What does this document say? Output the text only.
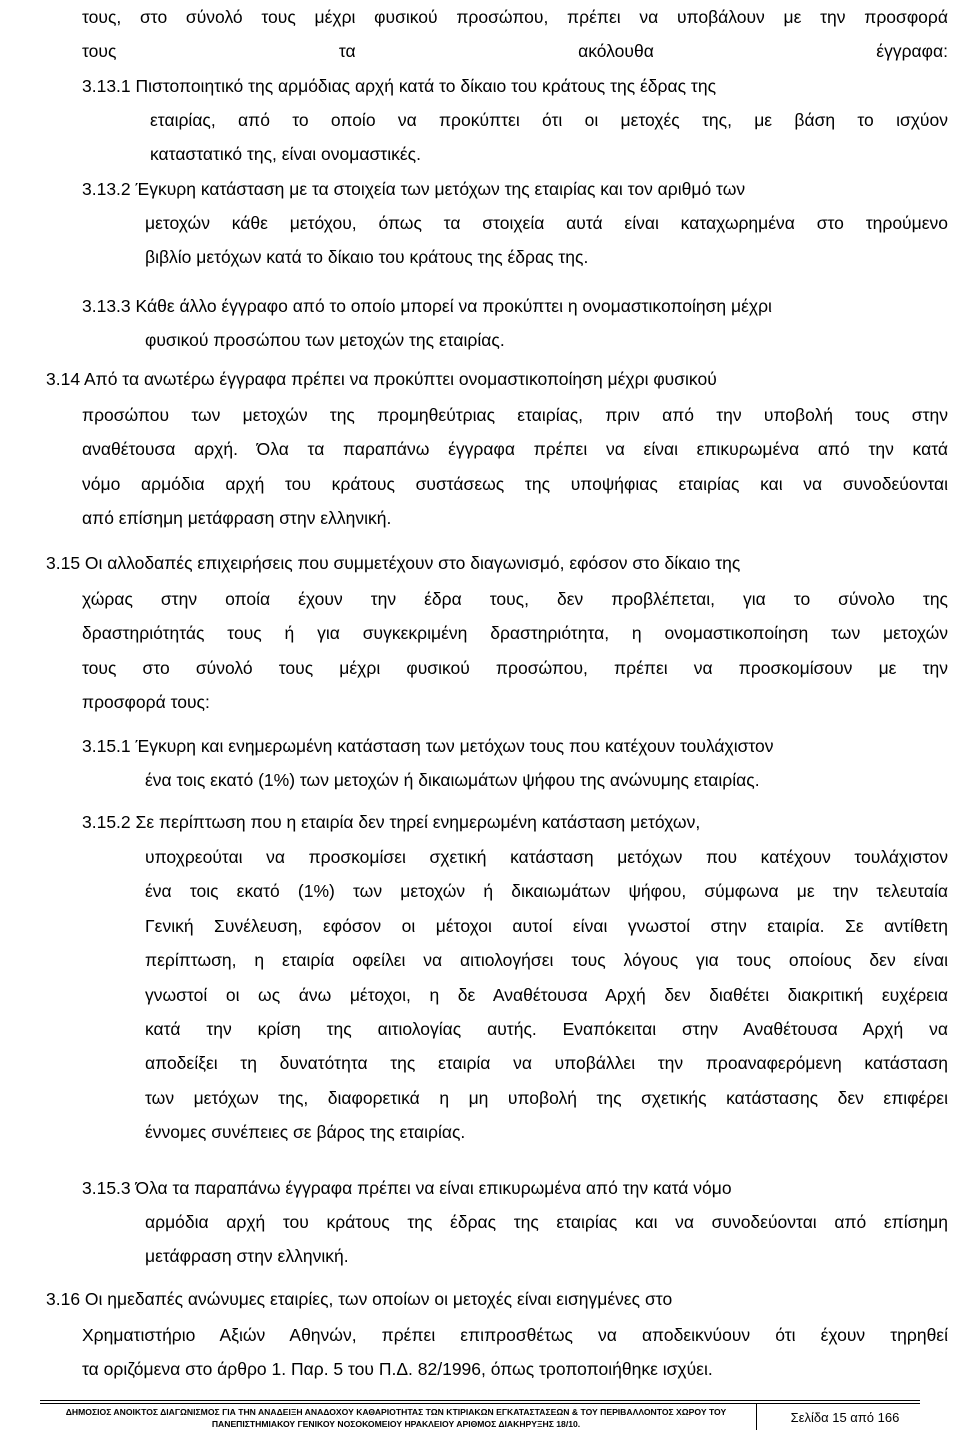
τους, στο σύνολό τους μέχρι φυσικού προσώπου, πρέπει να υποβάλουν με την προσφορά
τους τα ακόλουθα έγγραφα:
3.13.1 Πιστοποιητικό της αρμόδιας αρχή κατά το δίκαιο του κράτους της έδρας της
εταιρίας, από το οποίο να προκύπτει ότι οι μετοχές της, με βάση το ισχύον
καταστατικό της, είναι ονομαστικές.
3.13.2 Έγκυρη κατάσταση με τα στοιχεία των μετόχων της εταιρίας και τον αριθμό των
μετοχών κάθε μετόχου, όπως τα στοιχεία αυτά είναι καταχωρημένα στο τηρούμενο
βιβλίο μετόχων κατά το δίκαιο του κράτους της έδρας της.
3.13.3 Κάθε άλλο έγγραφο από το οποίο μπορεί να προκύπτει η ονομαστικοποίηση μέχρι
φυσικού προσώπου των μετοχών της εταιρίας.
3.14 Από τα ανωτέρω έγγραφα πρέπει να προκύπτει ονομαστικοποίηση μέχρι φυσικού
προσώπου των μετοχών της προμηθεύτριας εταιρίας, πριν από την υποβολή τους στην
αναθέτουσα αρχή. Όλα τα παραπάνω έγγραφα πρέπει να είναι επικυρωμένα από την κατά
νόμο αρμόδια αρχή του κράτους συστάσεως της υποψήφιας εταιρίας και να συνοδεύονται
από επίσημη μετάφραση στην ελληνική.
3.15 Οι αλλοδαπές επιχειρήσεις που συμμετέχουν στο διαγωνισμό, εφόσον στο δίκαιο της
χώρας στην οποία έχουν την έδρα τους, δεν προβλέπεται, για το σύνολο της
δραστηριότητάς τους ή για συγκεκριμένη δραστηριότητα, η ονομαστικοποίηση των μετοχών
τους στο σύνολό τους μέχρι φυσικού προσώπου, πρέπει να προσκομίσουν με την
προσφορά τους:
3.15.1 Έγκυρη και ενημερωμένη κατάσταση των μετόχων τους που κατέχουν τουλάχιστον
ένα τοις εκατό (1%) των μετοχών ή δικαιωμάτων ψήφου της ανώνυμης εταιρίας.
3.15.2 Σε περίπτωση που η εταιρία δεν τηρεί ενημερωμένη κατάσταση μετόχων,
υποχρεούται να προσκομίσει σχετική κατάσταση μετόχων που κατέχουν τουλάχιστον
ένα τοις εκατό (1%) των μετοχών ή δικαιωμάτων ψήφου, σύμφωνα με την τελευταία
Γενική Συνέλευση, εφόσον οι μέτοχοι αυτοί είναι γνωστοί στην εταιρία. Σε αντίθετη
περίπτωση, η εταιρία οφείλει να αιτιολογήσει τους λόγους για τους οποίους δεν είναι
γνωστοί οι ως άνω μέτοχοι, η δε Αναθέτουσα Αρχή δεν διαθέτει διακριτική ευχέρεια
κατά την κρίση της αιτιολογίας αυτής. Εναπόκειται στην Αναθέτουσα Αρχή να
αποδείξει τη δυνατότητα της εταιρία να υποβάλλει την προαναφερόμενη κατάσταση
των μετόχων της, διαφορετικά η μη υποβολή της σχετικής κατάστασης δεν επιφέρει
έννομες συνέπειες σε βάρος της εταιρίας.
3.15.3 Όλα τα παραπάνω έγγραφα πρέπει να είναι επικυρωμένα από την κατά νόμο
αρμόδια αρχή του κράτους της έδρας της εταιρίας και να συνοδεύονται από επίσημη
μετάφραση στην ελληνική.
3.16 Οι ημεδαπές ανώνυμες εταιρίες, των οποίων οι μετοχές είναι εισηγμένες στο
Χρηματιστήριο Αξιών Αθηνών, πρέπει επιπροσθέτως να αποδεικνύουν ότι έχουν τηρηθεί
τα οριζόμενα στο άρθρο 1. Παρ. 5 του Π.Δ. 82/1996, όπως τροποποιήθηκε ισχύει.
ΔΗΜΟΣΙΟΣ ΑΝΟΙΚΤΟΣ ΔΙΑΓΩΝΙΣΜΟΣ ΓΙΑ ΤΗΝ ΑΝΑΔΕΙΞΗ ΑΝΑΔΟΧΟΥ ΚΑΘΑΡΙΟΤΗΤΑΣ ΤΩΝ ΚΤΙΡΙΑΚΩΝ ΕΓΚΑΤΑΣΤΑΣΕΩΝ & ΤΟΥ ΠΕΡΙΒΑΛΛΟΝΤΟΣ ΧΩΡΟΥ ΤΟΥ
ΠΑΝΕΠΙΣΤΗΜΙΑΚΟΥ ΓΕΝΙΚΟΥ ΝΟΣΟΚΟΜΕΙΟΥ ΗΡΑΚΛΕΙΟΥ ΑΡΙΘΜΟΣ ΔΙΑΚΗΡΥΞΗΣ 18/10.	Σελίδα 15 από 166
